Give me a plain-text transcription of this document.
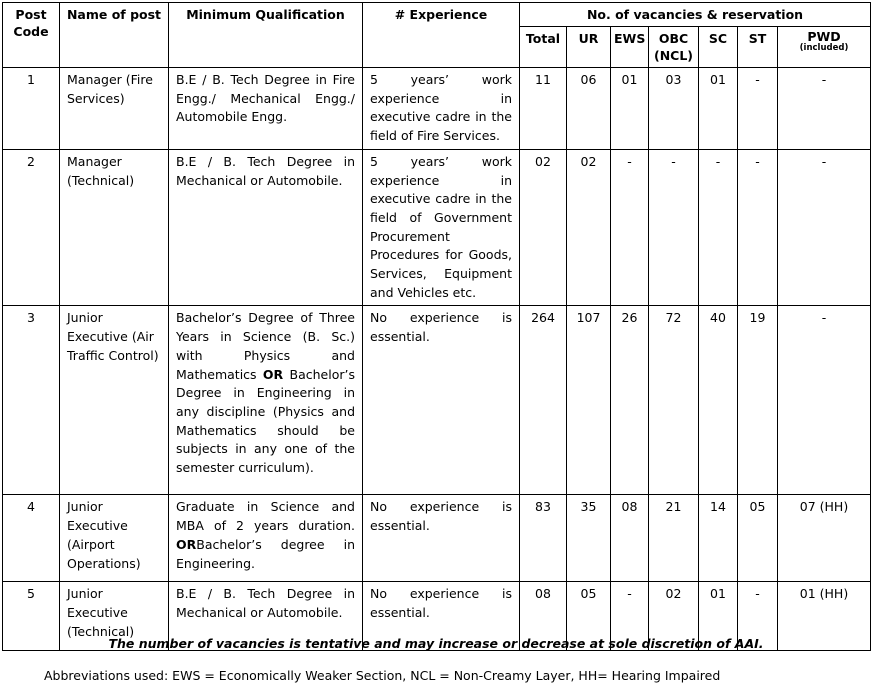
Post Code	Name of post	Minimum Qualification	# Experience	No. of vacancies & reservation						
				Total	UR	EWS	OBC (NCL)	SC	ST	PWD
(included)

1	Manager (Fire Services)	B.E / B. Tech Degree in Fire Engg./ Mechanical Engg./ Automobile Engg.	5 years’ work experience in executive cadre in the field of Fire Services.	11	06	01	03	01	-	-
2	Manager (Technical)	B.E / B. Tech Degree in Mechanical or Automobile.	5 years’ work experience in executive cadre in the field of Government Procurement Procedures for Goods, Services, Equipment and Vehicles etc.	02	02	-	-	-	-	-
3	Junior Executive (Air Traffic Control)	Bachelor’s Degree of Three Years in Science (B. Sc.) with Physics and Mathematics OR Bachelor’s Degree in Engineering in any discipline (Physics and Mathematics should be subjects in any one of the semester curriculum).	No experience is essential.	264	107	26	72	40	19	-
4	Junior Executive (Airport Operations)	Graduate in Science and MBA of 2 years duration. ORBachelor’s degree in Engineering.	No experience is essential.	83	35	08	21	14	05	07 (HH)
5	Junior Executive (Technical)	B.E / B. Tech Degree in Mechanical or Automobile.	No experience is essential.	08	05	-	02	01	-	01 (HH)
The number of vacancies is tentative and may increase or decrease at sole discretion of AAI.
Abbreviations used: EWS = Economically Weaker Section, NCL = Non-Creamy Layer, HH= Hearing Impaired
